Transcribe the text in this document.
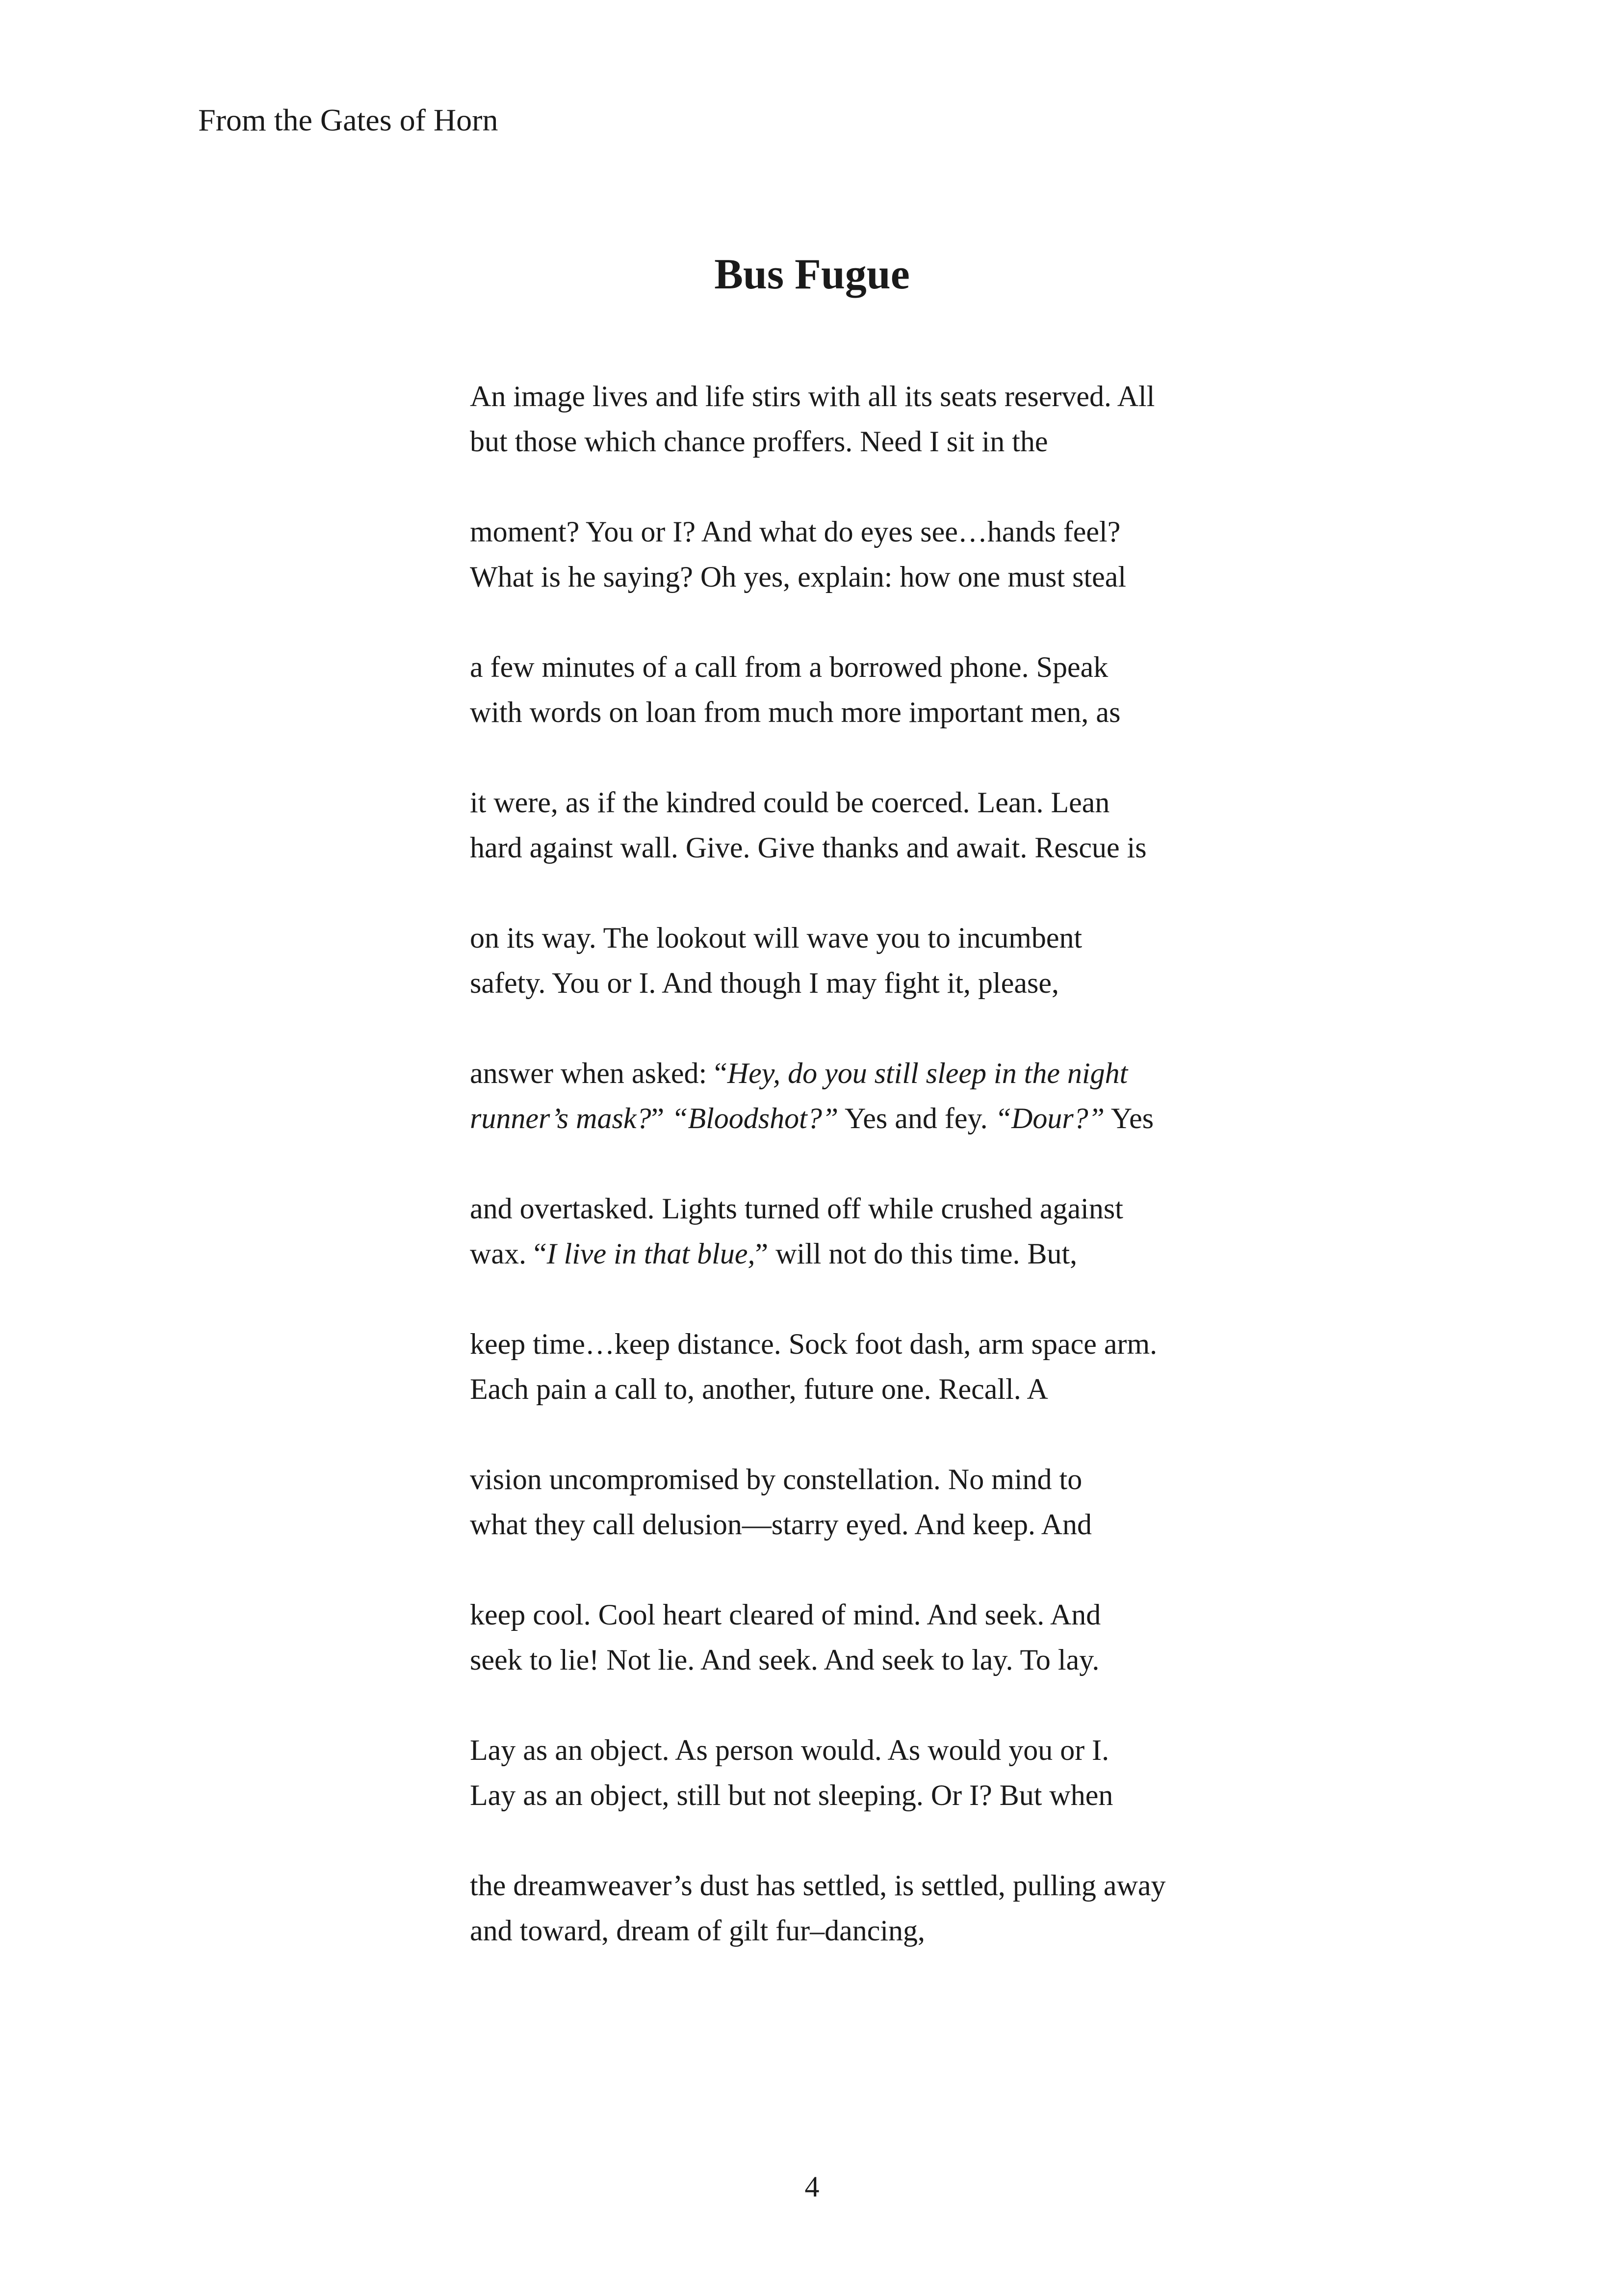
From the Gates of Horn
Bus Fugue
An image lives and life stirs with all its seats reserved. All
but those which chance proffers. Need I sit in the
moment? You or I? And what do eyes see…hands feel?
What is he saying? Oh yes, explain: how one must steal
a few minutes of a call from a borrowed phone. Speak
with words on loan from much more important men, as
it were, as if the kindred could be coerced. Lean. Lean
hard against wall. Give. Give thanks and await. Rescue is
on its way. The lookout will wave you to incumbent
safety. You or I. And though I may fight it, please,
answer when asked: “Hey, do you still sleep in the night
runner’s mask?” “Bloodshot?” Yes and fey. “Dour?” Yes
and overtasked. Lights turned off while crushed against
wax. “I live in that blue,” will not do this time. But,
keep time…keep distance. Sock foot dash, arm space arm.
Each pain a call to, another, future one. Recall. A
vision uncompromised by constellation. No mind to
what they call delusion—starry eyed. And keep. And
keep cool. Cool heart cleared of mind. And seek. And
seek to lie! Not lie. And seek. And seek to lay. To lay.
Lay as an object. As person would. As would you or I.
Lay as an object, still but not sleeping. Or I? But when
the dreamweaver’s dust has settled, is settled, pulling away
and toward, dream of gilt fur–dancing,
4
